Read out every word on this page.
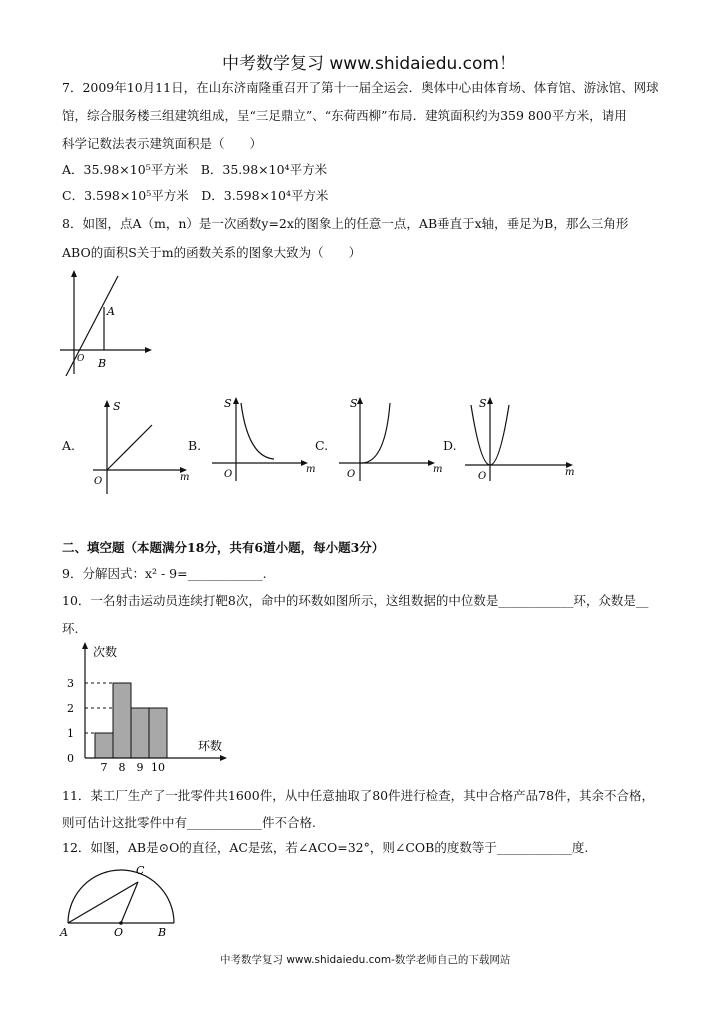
中考数学复习 www.shidaiedu.com！
7．2009年10月11日，在山东济南隆重召开了第十一届全运会．奥体中心由体育场、体育馆、游泳馆、网球
馆，综合服务楼三组建筑组成，呈“三足鼎立”、“东荷西柳”布局．建筑面积约为359 800平方米，请用
科学记数法表示建筑面积是（　　）
A．35.98×10⁵平方米　B．35.98×10⁴平方米
C．3.598×10⁵平方米　D．3.598×10⁴平方米
8．如图，点A（m，n）是一次函数y=2x的图象上的任意一点，AB垂直于x轴，垂足为B，那么三角形
ABO的面积S关于m的函数关系的图象大致为（　　）
A
B
O
A.
S
m
O
B.
S
m
O
C.
S
m
O
D.
S
m
O
二、填空题（本题满分18分，共有6道小题，每小题3分）
9．分解因式：x² - 9=____________.
10．一名射击运动员连续打靶8次，命中的环数如图所示，这组数据的中位数是____________环，众数是__
环.
次数
环数
0
1
2
3
7 8 9 10
11．某工厂生产了一批零件共1600件，从中任意抽取了80件进行检查，其中合格产品78件，其余不合格，
则可估计这批零件中有____________件不合格.
12．如图，AB是⊙O的直径，AC是弦，若∠ACO=32°，则∠COB的度数等于____________度.
C
A	O	B
中考数学复习 www.shidaiedu.com-数学老师自己的下载网站
